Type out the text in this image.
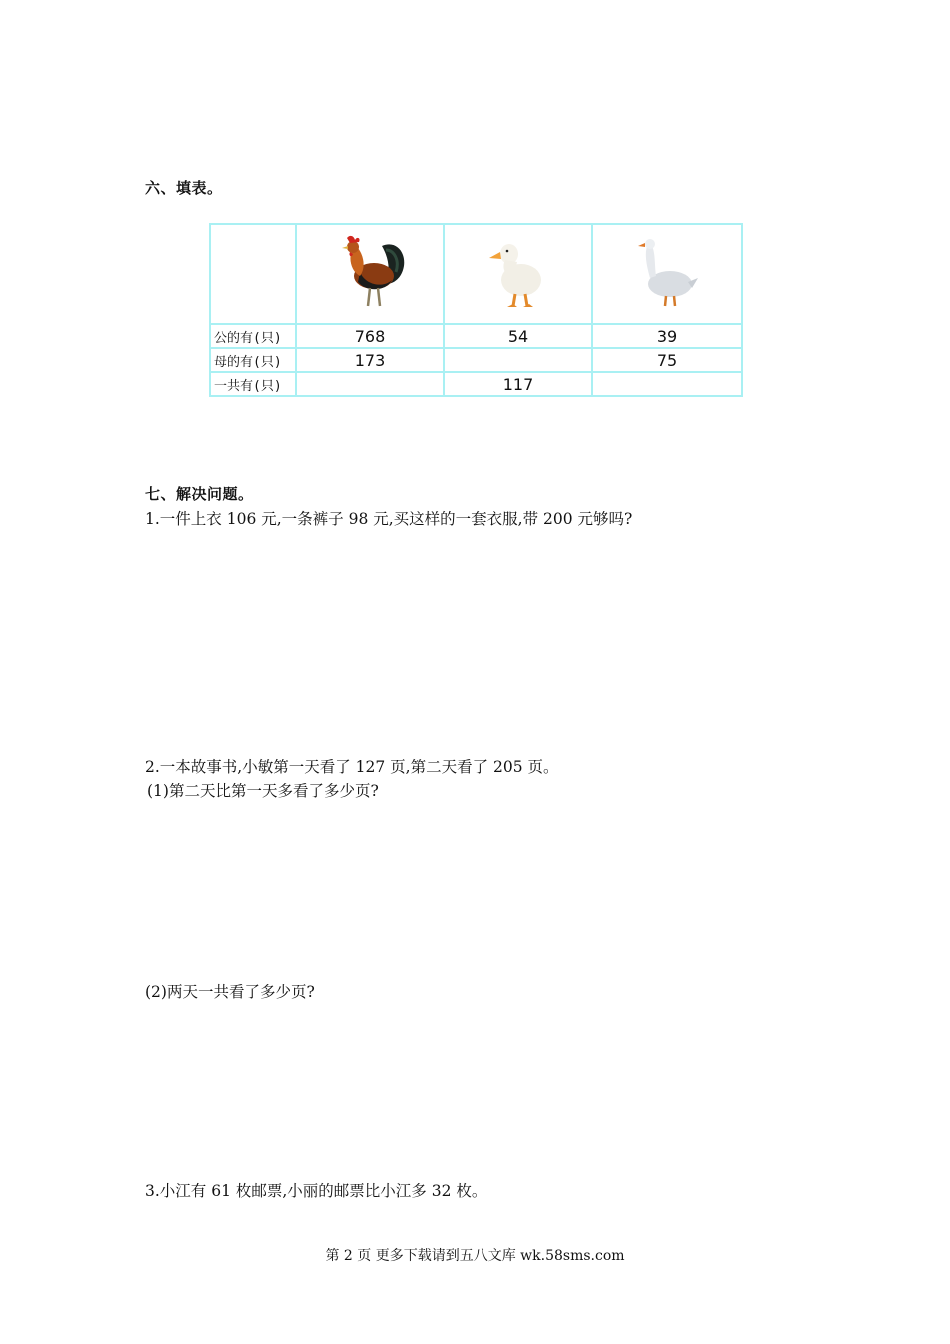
六、填表。

公的有(只)	768	54	39
母的有(只)	173		75
一共有(只)		117	
七、解决问题。
1.一件上衣 106 元,一条裤子 98 元,买这样的一套衣服,带 200 元够吗?
2.一本故事书,小敏第一天看了 127 页,第二天看了 205 页。
(1)第二天比第一天多看了多少页?
(2)两天一共看了多少页?
3.小江有 61 枚邮票,小丽的邮票比小江多 32 枚。
第 2 页 更多下载请到五八文库 wk.58sms.com
